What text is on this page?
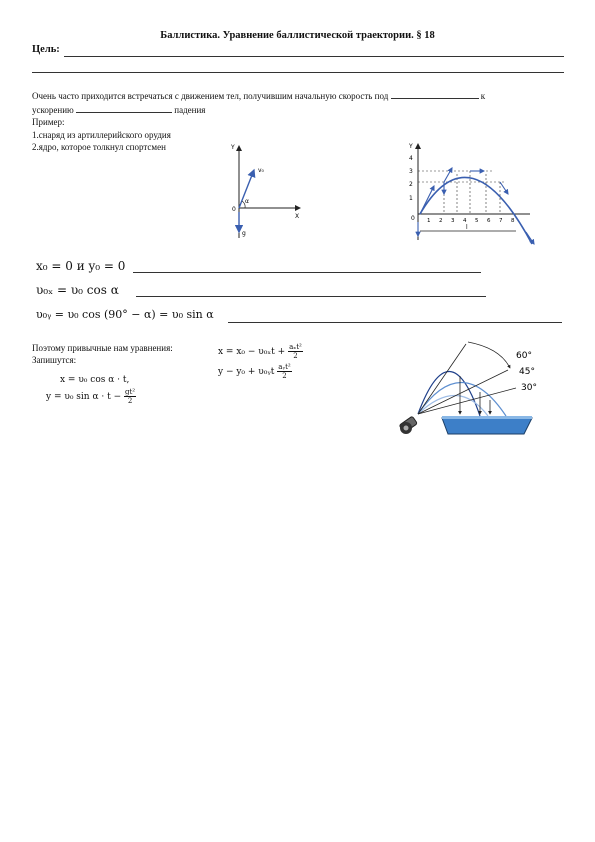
Баллистика. Уравнение баллистической траектории. § 18
Цель:
Очень часто приходится встречаться с движением тел, получившим начальную скорость под	к
ускорению	падения
Пример:
1.снаряд из артиллерийского орудия
2.ядро, которое толкнул спортсмен	Y
X
0
v₀
α
g
Y
1
2
3
4
0 1 2 3 4 5 6 7 8
l
x₀ = 0 и y₀ = 0
υ₀ₓ = υ₀ cos α
υ₀ᵧ = υ₀ cos (90° − α) = υ₀ sin α
Поэтому привычные нам уравнения:
Запишутся:
$x = x_0 - \upsilon_{0x}t + \frac{\text{aₓt²}}{2}$
y − y₀ + υ₀ᵧt $\frac{\text{aᵧt²}}{2}$
x = υ₀ cos α · t,
y = υ₀ $\sin \alpha \cdot t - \frac{\text{gt²}}{2}$
60°
45°
30°
